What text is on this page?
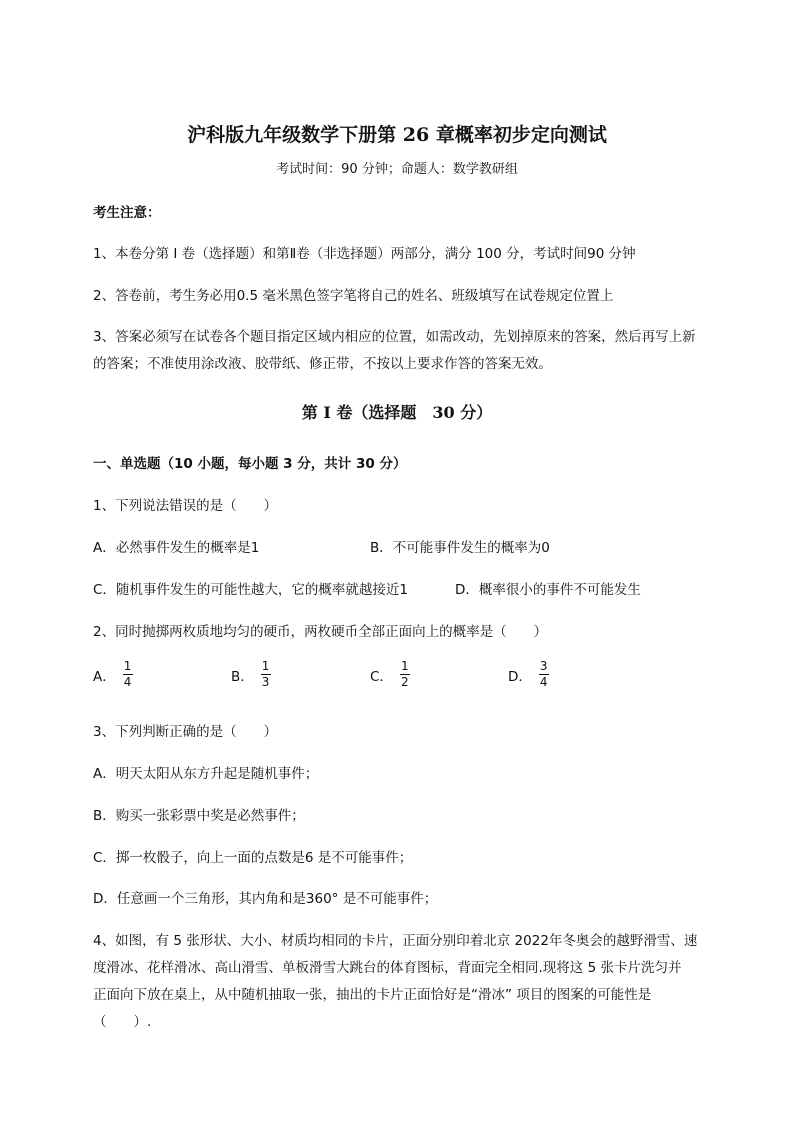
沪科版九年级数学下册第 26 章概率初步定向测试
考试时间：90 分钟；命题人：数学教研组
考生注意：
1、本卷分第 I 卷（选择题）和第Ⅱ卷（非选择题）两部分，满分 100 分，考试时间90 分钟
2、答卷前，考生务必用0.5 毫米黑色签字笔将自己的姓名、班级填写在试卷规定位置上
3、答案必须写在试卷各个题目指定区域内相应的位置，如需改动，先划掉原来的答案，然后再写上新
的答案；不准使用涂改液、胶带纸、修正带，不按以上要求作答的答案无效。
第 I 卷（选择题　30 分）
一、单选题（10 小题，每小题 3 分，共计 30 分）
1、下列说法错误的是（　　）
A．必然事件发生的概率是1	B．不可能事件发生的概率为0
C．随机事件发生的可能性越大，它的概率就越接近1	D．概率很小的事件不可能发生
2、同时抛掷两枚质地均匀的硬币，两枚硬币全部正面向上的概率是（　　）
A． $\frac{1}{4}$	B． $\frac{1}{3}$	C． $\frac{1}{2}$	D． $\frac{3}{4}$
3、下列判断正确的是（　　）
A．明天太阳从东方升起是随机事件；
B．购买一张彩票中奖是必然事件；
C．掷一枚骰子，向上一面的点数是6 是不可能事件；
D．任意画一个三角形，其内角和是360° 是不可能事件；
4、如图，有 5 张形状、大小、材质均相同的卡片，正面分别印着北京 2022年冬奥会的越野滑雪、速
度滑冰、花样滑冰、高山滑雪、单板滑雪大跳台的体育图标，背面完全相同.现将这 5 张卡片洗匀并
正面向下放在桌上，从中随机抽取一张，抽出的卡片正面恰好是“滑冰” 项目的图案的可能性是
（　　）.
